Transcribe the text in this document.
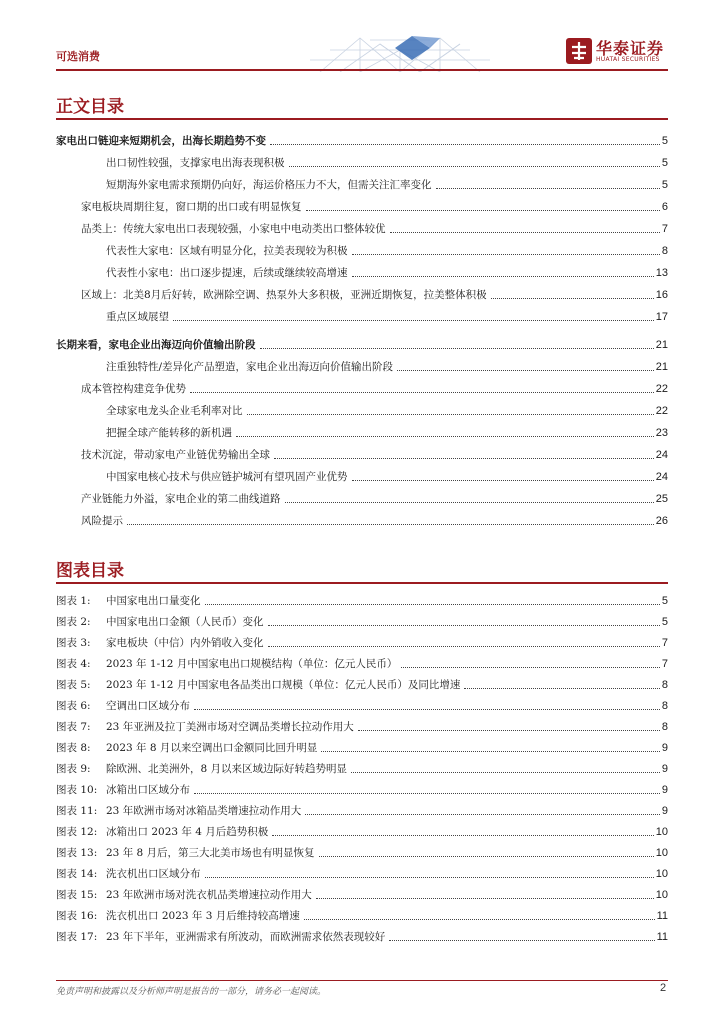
可选消费	华泰证券
HUATAI SECURITIES
正文目录
家电出口链迎来短期机会，出海长期趋势不变	5
出口韧性较强，支撑家电出海表现积极	5
短期海外家电需求预期仍向好，海运价格压力不大，但需关注汇率变化	5
家电板块周期往复，窗口期的出口或有明显恢复	6
品类上：传统大家电出口表现较强，小家电中电动类出口整体较优	7
代表性大家电：区域有明显分化，拉美表现较为积极	8
代表性小家电：出口逐步提速，后续或继续较高增速	13
区域上：北美8月后好转，欧洲除空调、热泵外大多积极，亚洲近期恢复，拉美整体积极	16
重点区域展望	17
长期来看，家电企业出海迈向价值输出阶段	21
注重独特性/差异化产品塑造，家电企业出海迈向价值输出阶段	21
成本管控构建竞争优势	22
全球家电龙头企业毛利率对比	22
把握全球产能转移的新机遇	23
技术沉淀，带动家电产业链优势输出全球	24
中国家电核心技术与供应链护城河有望巩固产业优势	24
产业链能力外溢，家电企业的第二曲线道路	25
风险提示	26
图表目录
图表 1: 中国家电出口量变化	5
图表 2: 中国家电出口金额（人民币）变化	5
图表 3: 家电板块（中信）内外销收入变化	7
图表 4: 2023 年 1-12 月中国家电出口规模结构（单位：亿元人民币）	7
图表 5: 2023 年 1-12 月中国家电各品类出口规模（单位：亿元人民币）及同比增速	8
图表 6: 空调出口区域分布	8
图表 7: 23 年亚洲及拉丁美洲市场对空调品类增长拉动作用大	8
图表 8: 2023 年 8 月以来空调出口金额同比回升明显	9
图表 9: 除欧洲、北美洲外，8 月以来区域边际好转趋势明显	9
图表 10: 冰箱出口区域分布	9
图表 11: 23 年欧洲市场对冰箱品类增速拉动作用大	9
图表 12: 冰箱出口 2023 年 4 月后趋势积极	10
图表 13: 23 年 8 月后，第三大北美市场也有明显恢复	10
图表 14: 洗衣机出口区域分布	10
图表 15: 23 年欧洲市场对洗衣机品类增速拉动作用大	10
图表 16: 洗衣机出口 2023 年 3 月后维持较高增速	11
图表 17: 23 年下半年，亚洲需求有所波动，而欧洲需求依然表现较好	11
免责声明和披露以及分析师声明是报告的一部分，请务必一起阅读。	2
